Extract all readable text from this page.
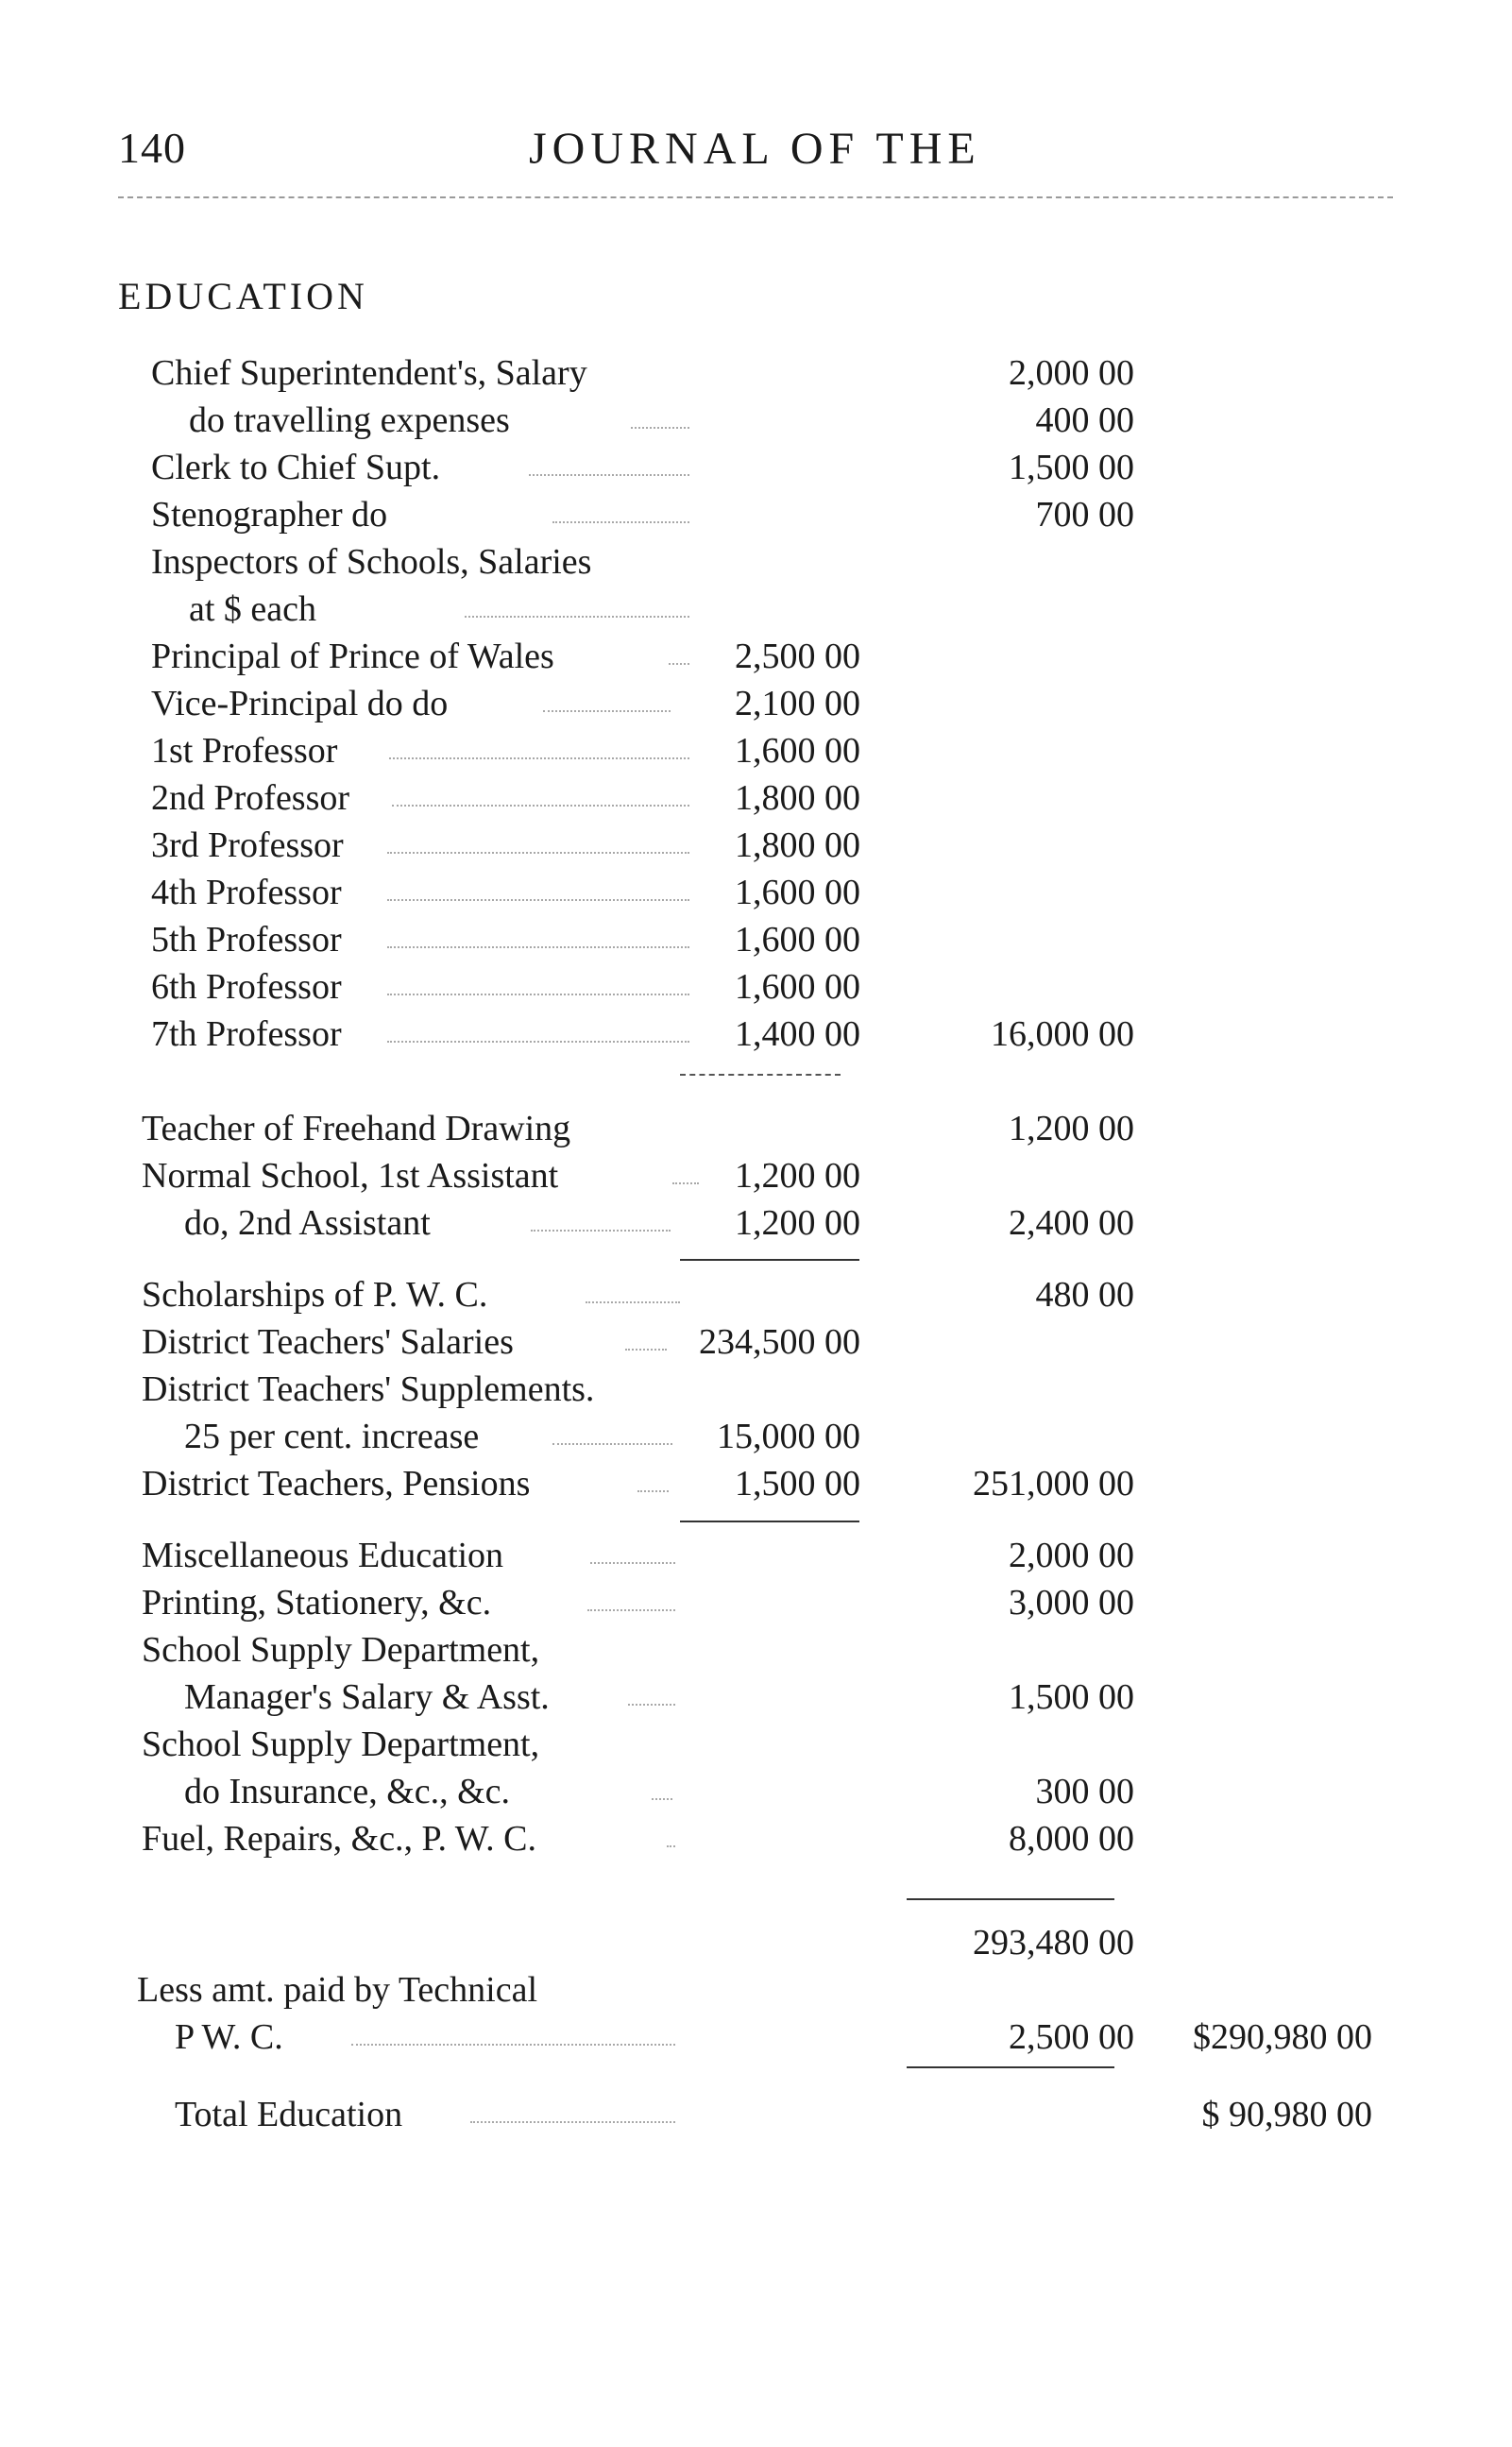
140	JOURNAL OF THE
EDUCATION
Chief Superintendent's, Salary	2,000 00
do travelling expenses	400 00
Clerk to Chief Supt.	1,500 00
Stenographer do	700 00
Inspectors of Schools, Salaries
at $ each
Principal of Prince of Wales	2,500 00
Vice-Principal do do	2,100 00
1st Professor	1,600 00
2nd Professor	1,800 00
3rd Professor	1,800 00
4th Professor	1,600 00
5th Professor	1,600 00
6th Professor	1,600 00
7th Professor	1,400 00	16,000 00
Teacher of Freehand Drawing	1,200 00
Normal School, 1st Assistant	1,200 00
do, 2nd Assistant	1,200 00	2,400 00
Scholarships of P. W. C.	480 00
District Teachers' Salaries	234,500 00
District Teachers' Supplements.
25 per cent. increase	15,000 00
District Teachers, Pensions	1,500 00	251,000 00
Miscellaneous Education	2,000 00
Printing, Stationery, &c.	3,000 00
School Supply Department,
Manager's Salary & Asst.	1,500 00
School Supply Department,
do Insurance, &c., &c.	300 00
Fuel, Repairs, &c., P. W. C.	8,000 00
293,480 00
Less amt. paid by Technical
P W. C.	2,500 00 $290,980 00
Total Education	$ 90,980 00
